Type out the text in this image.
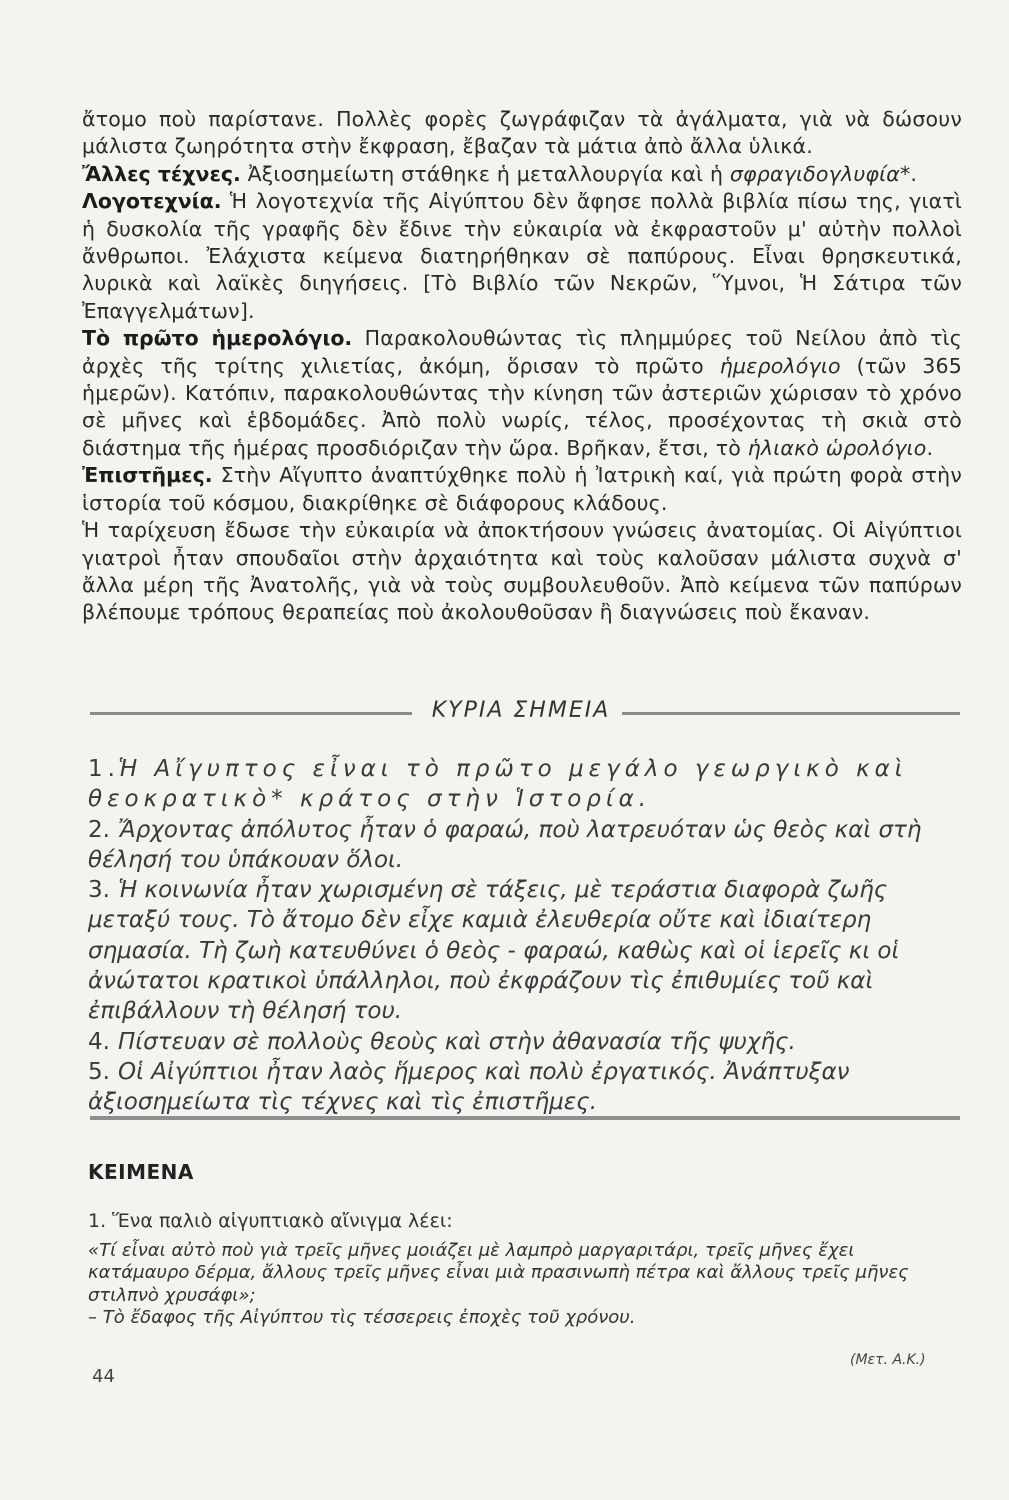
ἄτομο ποὺ παρίστανε. Πολλὲς φορὲς ζωγράφιζαν τὰ ἀγάλματα, γιὰ νὰ δώσουν μάλιστα ζωηρότητα στὴν ἔκφραση, ἔβαζαν τὰ μάτια ἀπὸ ἄλλα ὑλικά.

Ἄλλες τέχνες. Ἀξιοσημείωτη στάθηκε ἡ μεταλλουργία καὶ ἡ σφραγιδογλυφία*.

Λογοτεχνία. Ἡ λογοτεχνία τῆς Αἰγύπτου δὲν ἄφησε πολλὰ βιβλία πίσω της, γιατὶ ἡ δυσκολία τῆς γραφῆς δὲν ἔδινε τὴν εὐκαιρία νὰ ἐκφραστοῦν μ' αὐτὴν πολλοὶ ἄνθρωποι. Ἐλάχιστα κείμενα διατηρήθηκαν σὲ παπύρους. Εἶναι θρησκευτικά, λυρικὰ καὶ λαϊκὲς διηγήσεις. [Τὸ Βιβλίο τῶν Νεκρῶν, Ὕμνοι, Ἡ Σάτιρα τῶν Ἐπαγγελμάτων].

Τὸ πρῶτο ἡμερολόγιο. Παρακολουθώντας τὶς πλημμύρες τοῦ Νείλου ἀπὸ τὶς ἀρχὲς τῆς τρίτης χιλιετίας, ἀκόμη, ὅρισαν τὸ πρῶτο ἡμερολόγιο (τῶν 365 ἡμερῶν). Κατόπιν, παρακολουθώντας τὴν κίνηση τῶν ἀστεριῶν χώρισαν τὸ χρόνο σὲ μῆνες καὶ ἑβδομάδες. Ἀπὸ πολὺ νωρίς, τέλος, προσέχοντας τὴ σκιὰ στὸ διάστημα τῆς ἡμέρας προσδιόριζαν τὴν ὥρα. Βρῆκαν, ἔτσι, τὸ ἡλιακὸ ὡρολόγιο.

Ἐπιστῆμες. Στὴν Αἴγυπτο ἀναπτύχθηκε πολὺ ἡ Ἰατρικὴ καί, γιὰ πρώτη φορὰ στὴν ἱστορία τοῦ κόσμου, διακρίθηκε σὲ διάφορους κλάδους.

Ἡ ταρίχευση ἔδωσε τὴν εὐκαιρία νὰ ἀποκτήσουν γνώσεις ἀνατομίας. Οἱ Αἰγύπτιοι γιατροὶ ἦταν σπουδαῖοι στὴν ἀρχαιότητα καὶ τοὺς καλοῦσαν μάλιστα συχνὰ σ' ἄλλα μέρη τῆς Ἀνατολῆς, γιὰ νὰ τοὺς συμβουλευθοῦν. Ἀπὸ κείμενα τῶν παπύρων βλέπουμε τρόπους θεραπείας ποὺ ἀκολουθοῦσαν ἢ διαγνώσεις ποὺ ἔκαναν.

ΚΥΡΙΑ ΣΗΜΕΙΑ

1.Ἡ Αἴγυπτος εἶναι τὸ πρῶτο μεγάλο γεωργικὸ καὶ θεοκρατικὸ* κράτος στὴν Ἱστορία.

2. Ἄρχοντας ἀπόλυτος ἦταν ὁ φαραώ, ποὺ λατρευόταν ὡς θεὸς καὶ στὴ θέλησή του ὑπάκουαν ὅλοι.

3. Ἡ κοινωνία ἦταν χωρισμένη σὲ τάξεις, μὲ τεράστια διαφορὰ ζωῆς μεταξύ τους. Τὸ ἄτομο δὲν εἶχε καμιὰ ἐλευθερία οὔτε καὶ ἰδιαίτερη σημασία. Τὴ ζωὴ κατευθύνει ὁ θεὸς - φαραώ, καθὼς καὶ οἱ ἱερεῖς κι οἱ ἀνώτατοι κρατικοὶ ὑπάλληλοι, ποὺ ἐκφράζουν τὶς ἐπιθυμίες τοῦ καὶ ἐπιβάλλουν τὴ θέλησή του.

4. Πίστευαν σὲ πολλοὺς θεοὺς καὶ στὴν ἀθανασία τῆς ψυχῆς.

5. Οἱ Αἰγύπτιοι ἦταν λαὸς ἥμερος καὶ πολὺ ἐργατικός. Ἀνάπτυξαν ἀξιοσημείωτα τὶς τέχνες καὶ τὶς ἐπιστῆμες.

ΚΕΙΜΕΝΑ
1. Ἕνα παλιὸ αἰγυπτιακὸ αἴνιγμα λέει:

«Τί εἶναι αὐτὸ ποὺ γιὰ τρεῖς μῆνες μοιάζει μὲ λαμπρὸ μαργαριτάρι, τρεῖς μῆνες ἔχει κατάμαυρο δέρμα, ἄλλους τρεῖς μῆνες εἶναι μιὰ πρασινωπὴ πέτρα καὶ ἄλλους τρεῖς μῆνες στιλπνὸ χρυσάφι»;

– Τὸ ἔδαφος τῆς Αἰγύπτου τὶς τέσσερεις ἐποχὲς τοῦ χρόνου.

(Μετ. Α.Κ.)
44
